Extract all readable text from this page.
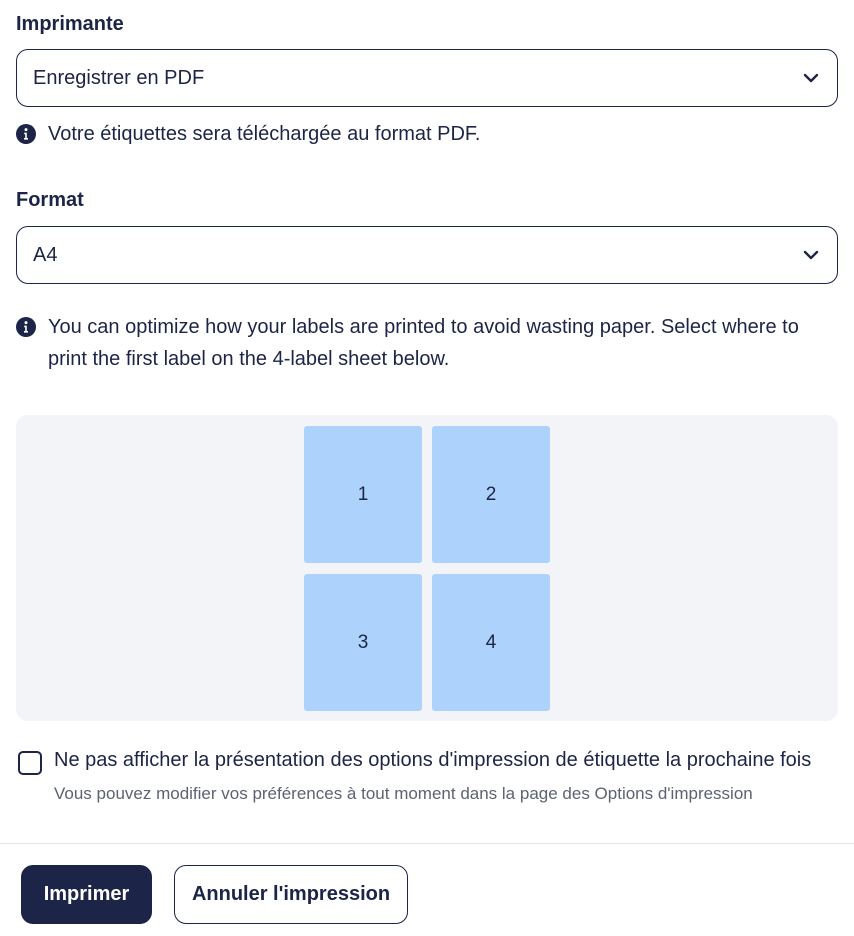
Imprimante
Enregistrer en PDF
Votre étiquettes sera téléchargée au format PDF.
Format
A4
You can optimize how your labels are printed to avoid wasting paper. Select where to print the first label on the 4-label sheet below.
1	2
3	4
Ne pas afficher la présentation des options d'impression de étiquette la prochaine fois
Vous pouvez modifier vos préférences à tout moment dans la page des Options d'impression
Imprimer	Annuler l'impression
